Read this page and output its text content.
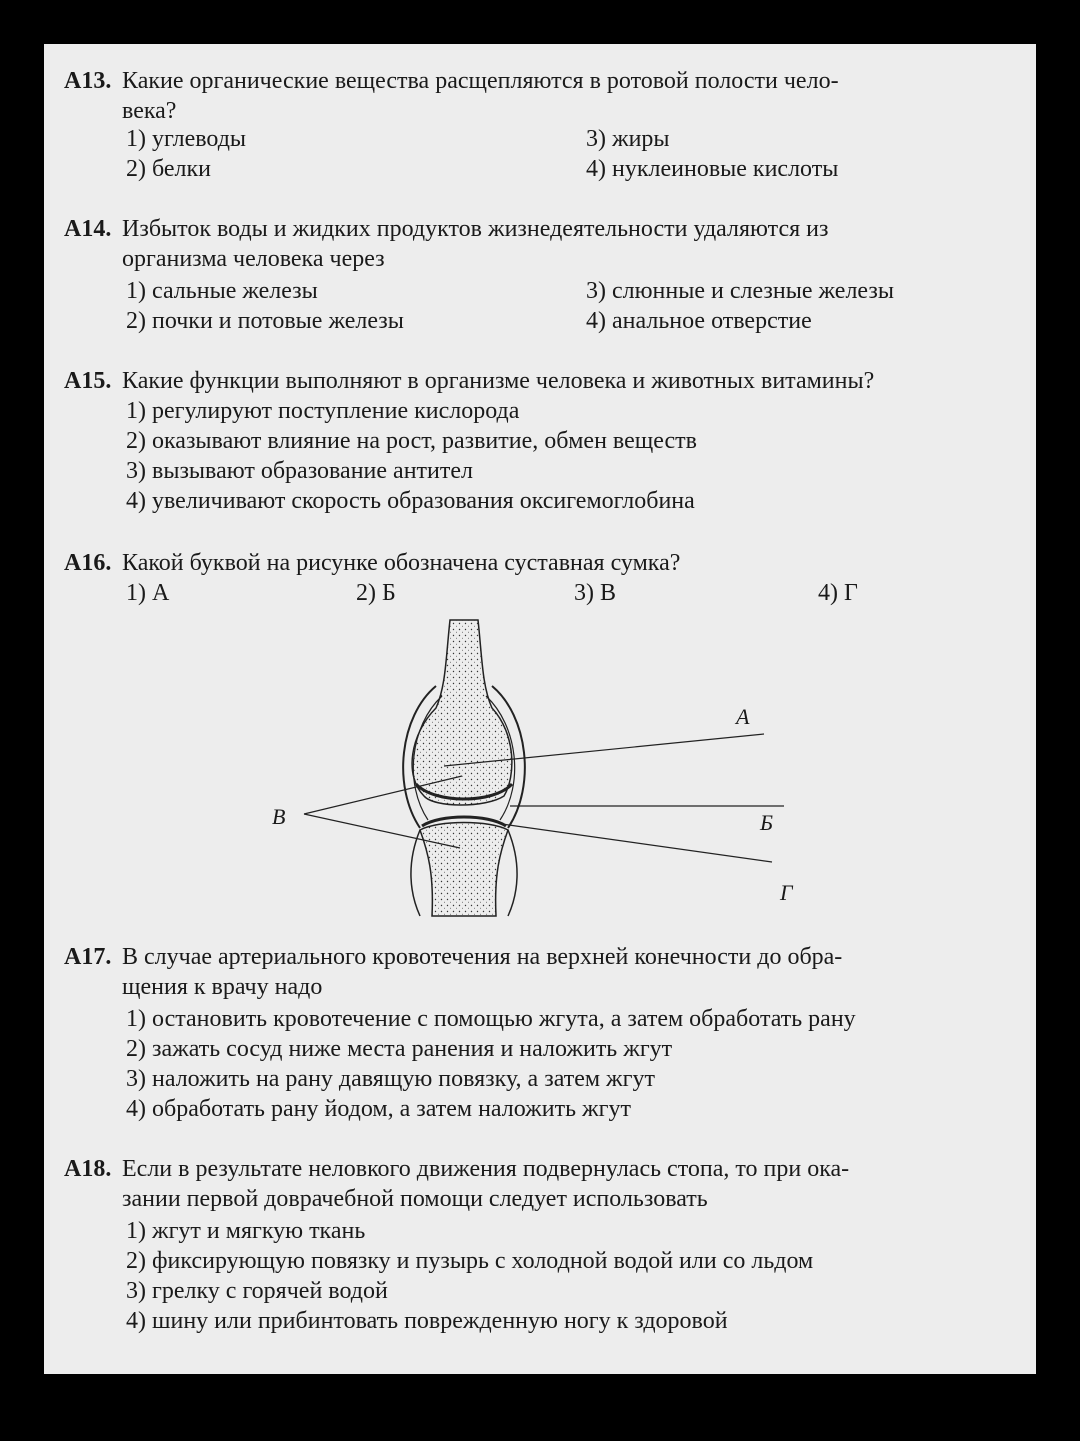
А13. Какие органические вещества расщепляются в ротовой полости чело-
века?
1) углеводы
2) белки
3) жиры
4) нуклеиновые кислоты
А14. Избыток воды и жидких продуктов жизнедеятельности удаляются из
организма человека через
1) сальные железы
2) почки и потовые железы
3) слюнные и слезные железы
4) анальное отверстие
А15. Какие функции выполняют в организме человека и животных витамины?
1) регулируют поступление кислорода
2) оказывают влияние на рост, развитие, обмен веществ
3) вызывают образование антител
4) увеличивают скорость образования оксигемоглобина
А16. Какой буквой на рисунке обозначена суставная сумка?
1) А	2) Б	3) В	4) Г
А
В	Б
Г
А17. В случае артериального кровотечения на верхней конечности до обра-
щения к врачу надо
1) остановить кровотечение с помощью жгута, а затем обработать рану
2) зажать сосуд ниже места ранения и наложить жгут
3) наложить на рану давящую повязку, а затем жгут
4) обработать рану йодом, а затем наложить жгут
А18. Если в результате неловкого движения подвернулась стопа, то при ока-
зании первой доврачебной помощи следует использовать
1) жгут и мягкую ткань
2) фиксирующую повязку и пузырь с холодной водой или со льдом
3) грелку с горячей водой
4) шину или прибинтовать поврежденную ногу к здоровой
